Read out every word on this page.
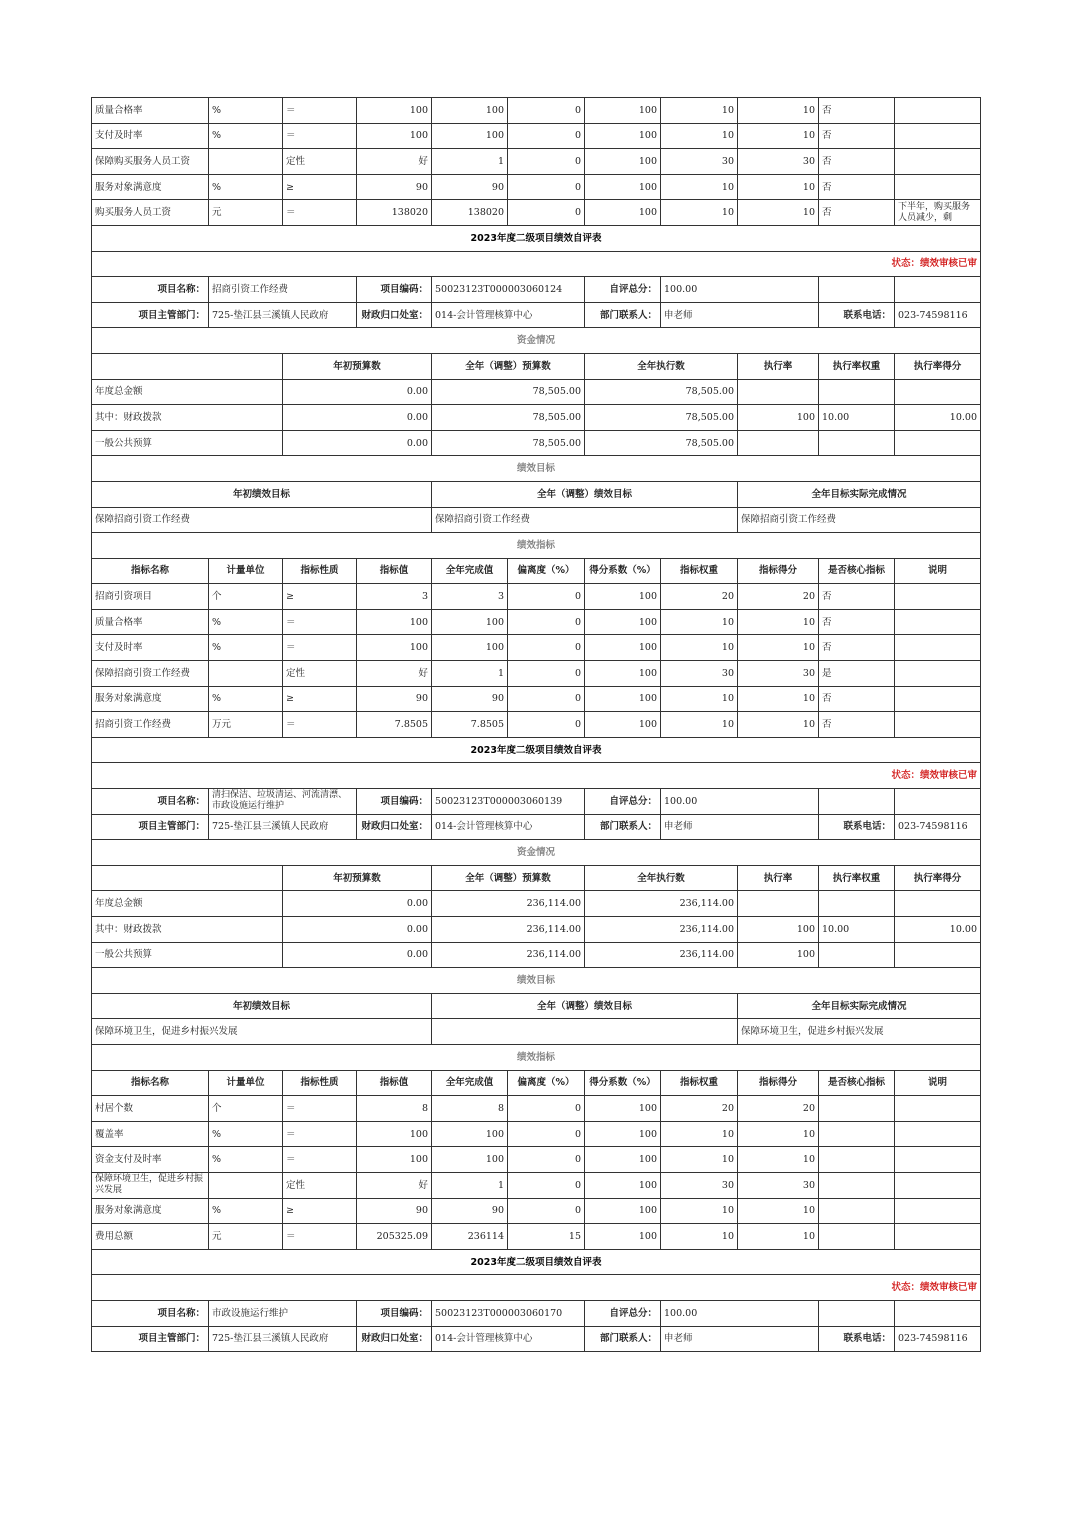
质量合格率	%	＝	100	100	0	100	10	10	否	
支付及时率	%	＝	100	100	0	100	10	10	否	
保障购买服务人员工资		定性	好	1	0	100	30	30	否	
服务对象满意度	%	≥	90	90	0	100	10	10	否	
购买服务人员工资	元	＝	138020	138020	0	100	10	10	否	下半年，购买服务人员减少，剩
2023年度二级项目绩效自评表										
状态：绩效审核已审										
项目名称：	招商引资工作经费		项目编码：	50023123T000003060124		自评总分：	100.00			
项目主管部门：	725-垫江县三溪镇人民政府		财政归口处室：	014-会计管理核算中心		部门联系人：	申老师		联系电话：	023-74598116
资金情况										
		年初预算数		全年（调整）预算数		全年执行数		执行率	执行率权重	执行率得分
年度总金额		0.00		78,505.00		78,505.00				
其中：财政拨款		0.00		78,505.00		78,505.00		100	10.00	10.00
一般公共预算		0.00		78,505.00		78,505.00				
绩效目标										
年初绩效目标				全年（调整）绩效目标				全年目标实际完成情况		
保障招商引资工作经费				保障招商引资工作经费				保障招商引资工作经费		
绩效指标										
指标名称	计量单位	指标性质	指标值	全年完成值	偏离度（%）	得分系数（%）	指标权重	指标得分	是否核心指标	说明
招商引资项目	个	≥	3	3	0	100	20	20	否	
质量合格率	%	＝	100	100	0	100	10	10	否	
支付及时率	%	＝	100	100	0	100	10	10	否	
保障招商引资工作经费		定性	好	1	0	100	30	30	是	
服务对象满意度	%	≥	90	90	0	100	10	10	否	
招商引资工作经费	万元	＝	7.8505	7.8505	0	100	10	10	否	
2023年度二级项目绩效自评表										
状态：绩效审核已审										
项目名称：	清扫保洁、垃圾清运、河流清漂、市政设施运行维护		项目编码：	50023123T000003060139		自评总分：	100.00			
项目主管部门：	725-垫江县三溪镇人民政府		财政归口处室：	014-会计管理核算中心		部门联系人：	申老师		联系电话：	023-74598116
资金情况										
		年初预算数		全年（调整）预算数		全年执行数		执行率	执行率权重	执行率得分
年度总金额		0.00		236,114.00		236,114.00				
其中：财政拨款		0.00		236,114.00		236,114.00		100	10.00	10.00
一般公共预算		0.00		236,114.00		236,114.00		100		
绩效目标										
年初绩效目标				全年（调整）绩效目标				全年目标实际完成情况		
保障环境卫生，促进乡村振兴发展								保障环境卫生，促进乡村振兴发展		
绩效指标										
指标名称	计量单位	指标性质	指标值	全年完成值	偏离度（%）	得分系数（%）	指标权重	指标得分	是否核心指标	说明
村居个数	个	＝	8	8	0	100	20	20		
覆盖率	%	＝	100	100	0	100	10	10		
资金支付及时率	%	＝	100	100	0	100	10	10		
保障环境卫生，促进乡村振兴发展		定性	好	1	0	100	30	30		
服务对象满意度	%	≥	90	90	0	100	10	10		
费用总额	元	＝	205325.09	236114	15	100	10	10		
2023年度二级项目绩效自评表										
状态：绩效审核已审										
项目名称：	市政设施运行维护		项目编码：	50023123T000003060170		自评总分：	100.00			
项目主管部门：	725-垫江县三溪镇人民政府		财政归口处室：	014-会计管理核算中心		部门联系人：	申老师		联系电话：	023-74598116
